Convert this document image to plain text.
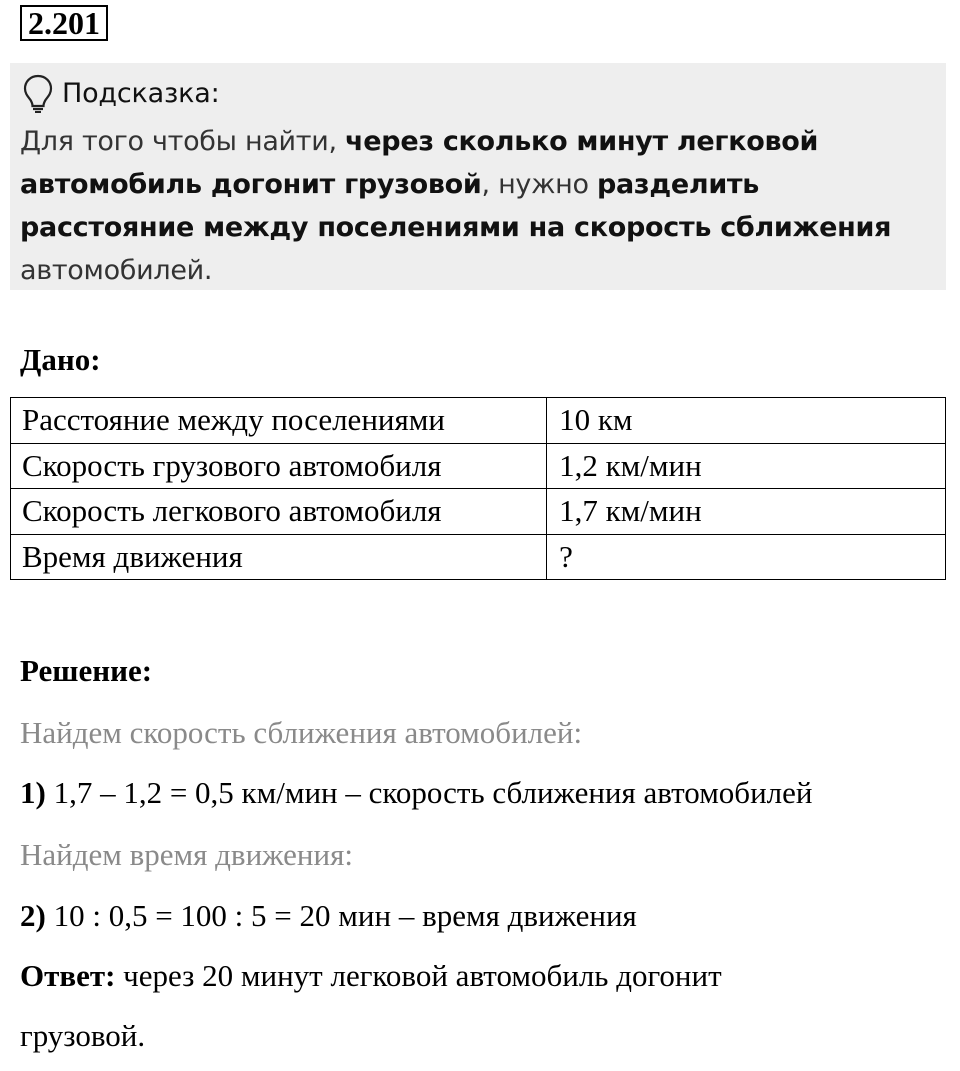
2.201
Подсказка:
Для того чтобы найти, через сколько минут легковой автомобиль догонит грузовой, нужно разделить расстояние между поселениями на скорость сближения автомобилей.
Дано:
Расстояние между поселениями	10 км
Скорость грузового автомобиля	1,2 км/мин
Скорость легкового автомобиля	1,7 км/мин
Время движения	?
Решение:
Найдем скорость сближения автомобилей:
1) 1,7 – 1,2 = 0,5 км/мин – скорость сближения автомобилей
Найдем время движения:
2) 10 : 0,5 = 100 : 5 = 20 мин – время движения
Ответ: через 20 минут легковой автомобиль догонит
грузовой.
